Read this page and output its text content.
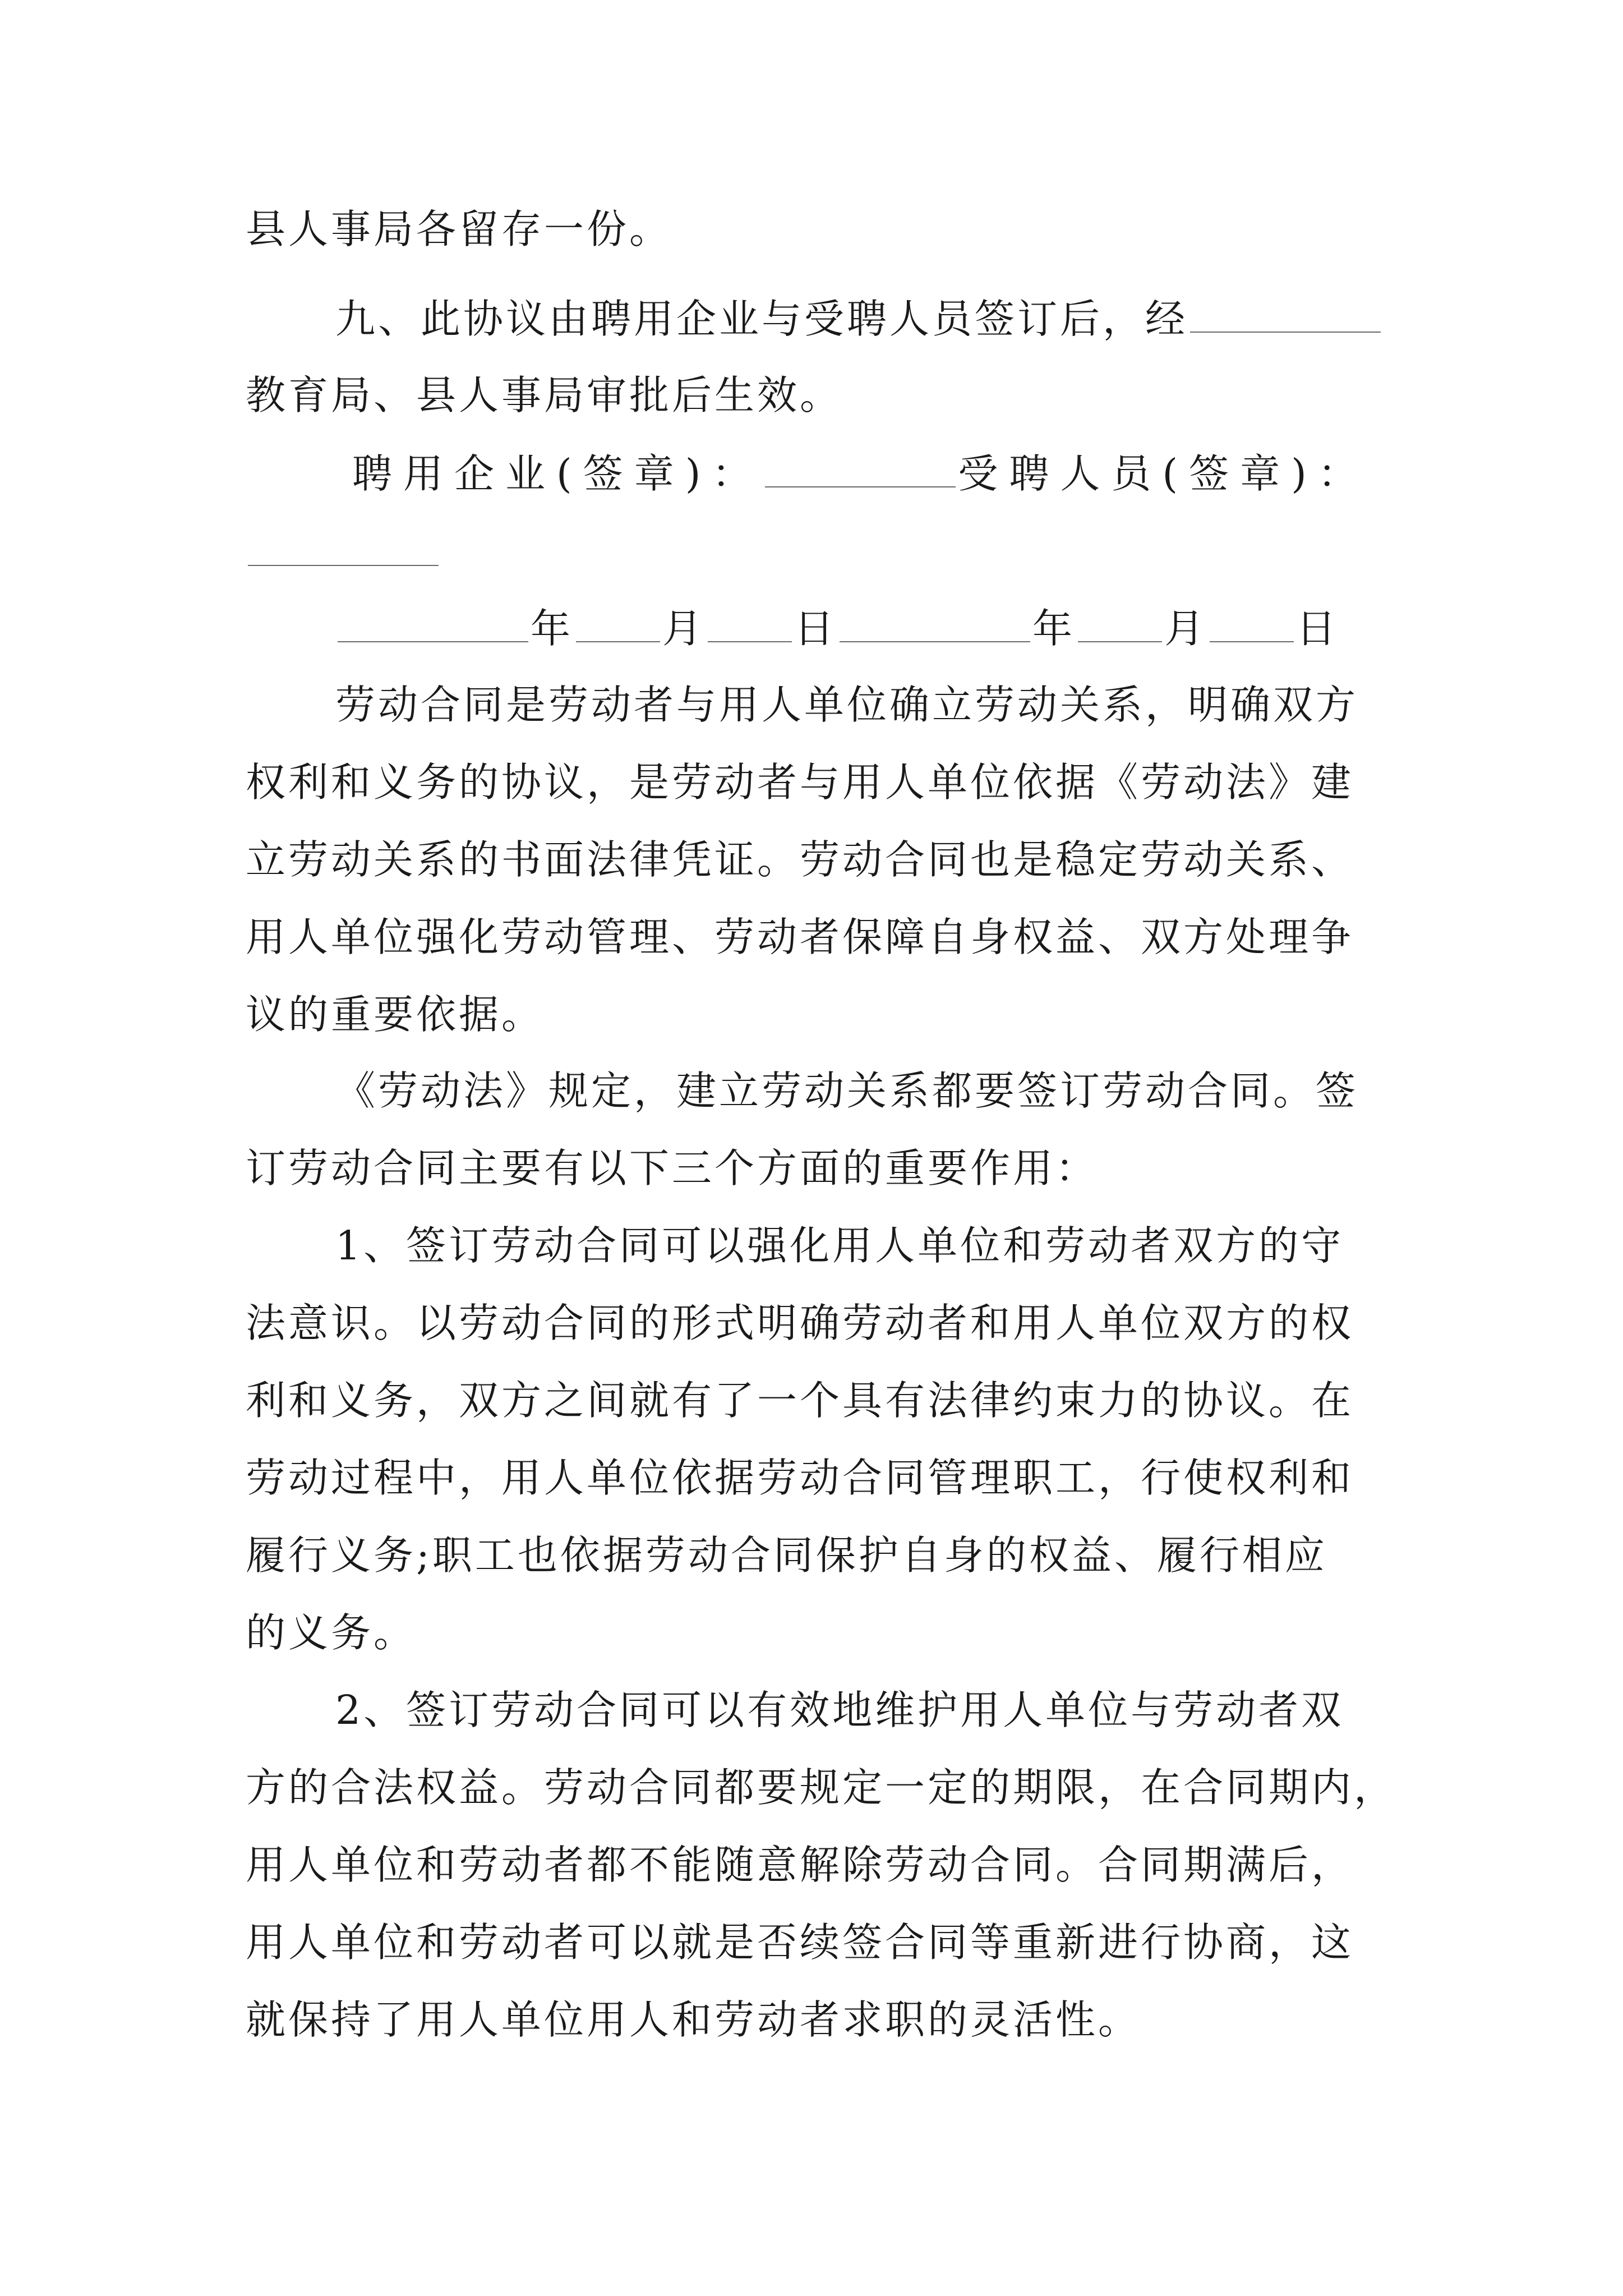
县人事局各留存一份。
九、此协议由聘用企业与受聘人员签订后，经
教育局、县人事局审批后生效。
聘用企业(签章)：	受聘人员(签章)：
年 月 日	年 月 日
劳动合同是劳动者与用人单位确立劳动关系，明确双方
权利和义务的协议，是劳动者与用人单位依据《劳动法》建
立劳动关系的书面法律凭证。劳动合同也是稳定劳动关系、
用人单位强化劳动管理、劳动者保障自身权益、双方处理争
议的重要依据。
《劳动法》规定，建立劳动关系都要签订劳动合同。签
订劳动合同主要有以下三个方面的重要作用：
1、签订劳动合同可以强化用人单位和劳动者双方的守
法意识。以劳动合同的形式明确劳动者和用人单位双方的权
利和义务，双方之间就有了一个具有法律约束力的协议。在
劳动过程中，用人单位依据劳动合同管理职工，行使权利和
履行义务;职工也依据劳动合同保护自身的权益、履行相应
的义务。
2、签订劳动合同可以有效地维护用人单位与劳动者双
方的合法权益。劳动合同都要规定一定的期限，在合同期内，
用人单位和劳动者都不能随意解除劳动合同。合同期满后，
用人单位和劳动者可以就是否续签合同等重新进行协商，这
就保持了用人单位用人和劳动者求职的灵活性。
